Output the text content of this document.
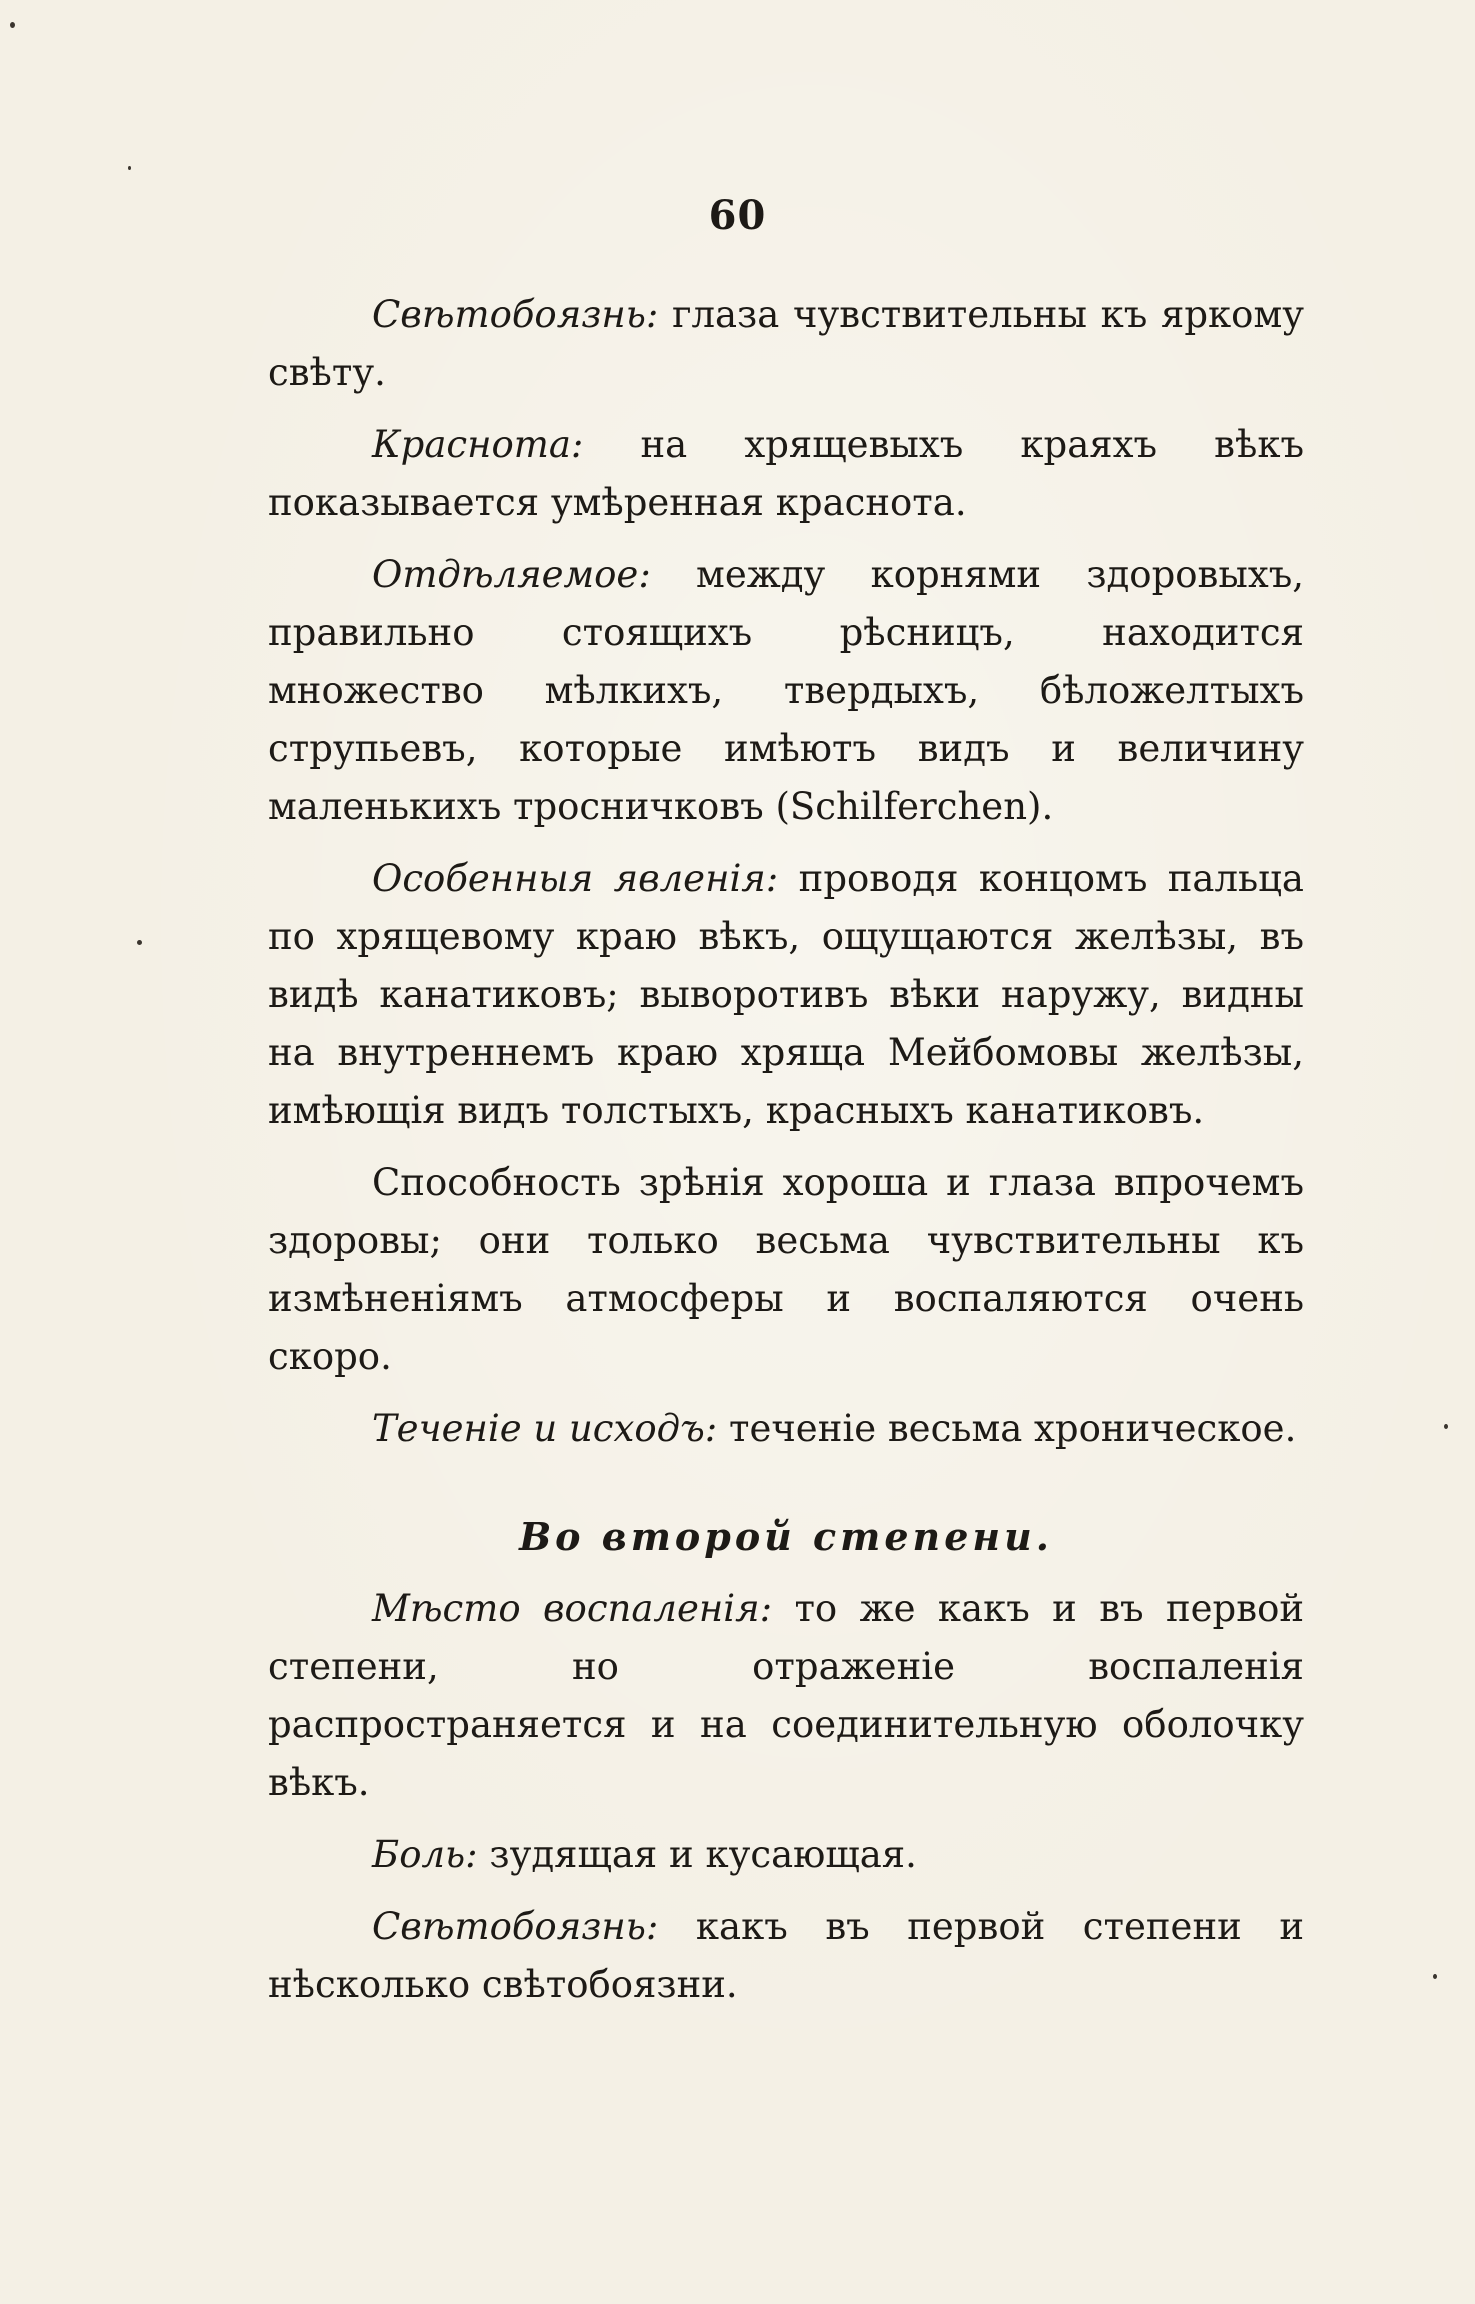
60

Свѣтобоязнь: глаза чувствительны къ яркому свѣту.

Краснота: на хрящевыхъ краяхъ вѣкъ показывается умѣренная краснота.

Отдѣляемое: между корнями здоровыхъ, правильно стоящихъ рѣсницъ, находится множество мѣлкихъ, твердыхъ, бѣложелтыхъ струпьевъ, которые имѣютъ видъ и величину маленькихъ тросничковъ (Schilferchen).

Особенныя явленія: проводя концомъ пальца по хрящевому краю вѣкъ, ощущаются желѣзы, въ видѣ канатиковъ; выворотивъ вѣки наружу, видны на внутреннемъ краю хряща Мейбомовы желѣзы, имѣющія видъ толстыхъ, красныхъ канатиковъ.

Способность зрѣнія хороша и глаза впрочемъ здоровы; они только весьма чувствительны къ измѣненіямъ атмосферы и воспаляются очень скоро.

Теченіе и исходъ: теченіе весьма хроническое.

Во второй степени.

Мѣсто воспаленія: то же какъ и въ первой степени, но отраженіе воспаленія распространяется и на соединительную оболочку вѣкъ.

Боль: зудящая и кусающая.

Свѣтобоязнь: какъ въ первой степени и нѣсколько свѣтобоязни.
